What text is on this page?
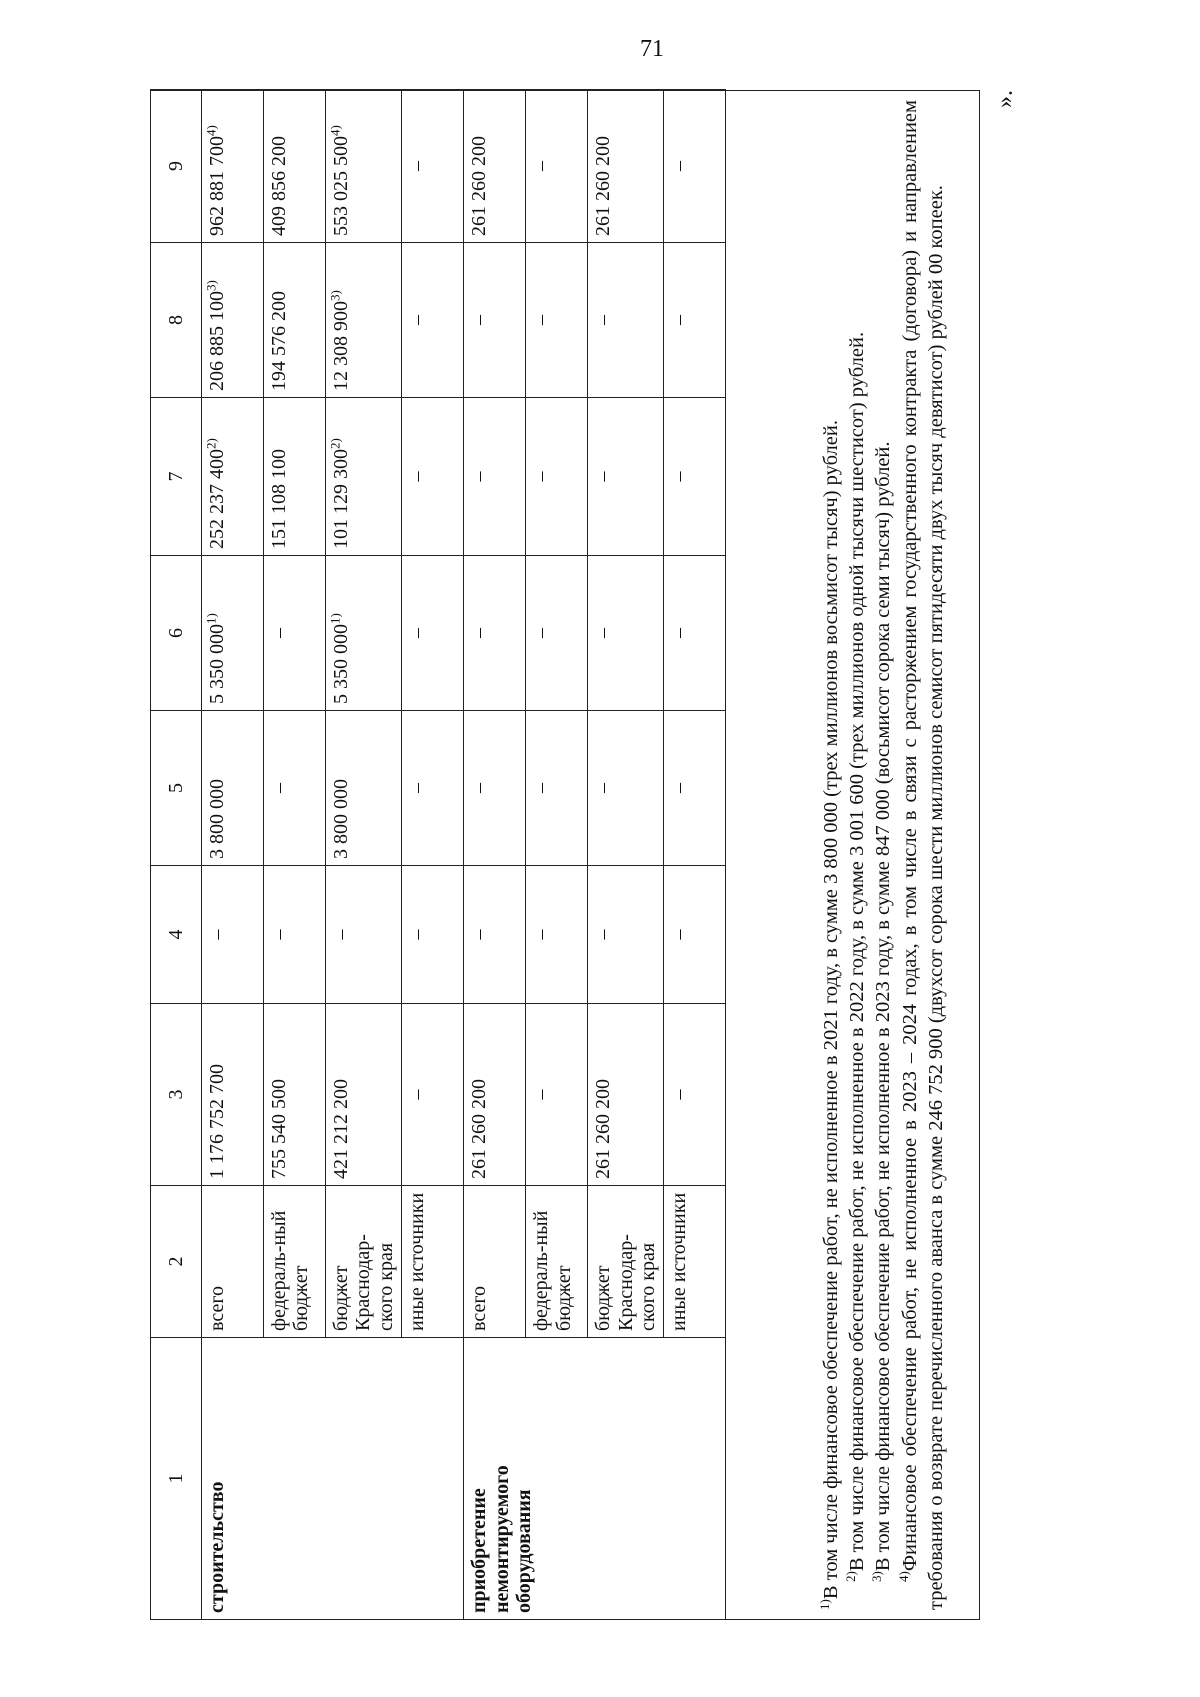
71
».
1	2	3	4	5	6	7	8	9
строительство	всего	1 176 752 700	–	3 800 000	5 350 000$^{1)}$	252 237 400$^{2)}$	206 885 100$^{3)}$	962 881 700$^{4)}$
	федераль-ный бюджет	755 540 500	–	–	–	151 108 100	194 576 200	409 856 200
	бюджет Краснодар-ского края	421 212 200	–	3 800 000	5 350 000$^{1)}$	101 129 300$^{2)}$	12 308 900$^{3)}$	553 025 500$^{4)}$
	иные источники	–	–	–	–	–	–	–
приобретение немонтируемого оборудования	всего	261 260 200	–	–	–	–	–	261 260 200
	федераль-ный бюджет	–	–	–	–	–	–	–
	бюджет Краснодар-ского края	261 260 200	–	–	–	–	–	261 260 200
	иные источники	–	–	–	–	–	–	–

$^{1)}$В том числе финансовое обеспечение работ, не исполненное в 2021 году, в сумме 3 800 000 (трех миллионов восьмисот тысяч) рублей. $^{2)}$В том числе финансовое обеспечение работ, не исполненное в 2022 году, в сумме 3 001 600 (трех миллионов одной тысячи шестисот) рублей.

$^{3)}$В том числе финансовое обеспечение работ, не исполненное в 2023 году, в сумме 847 000 (восьмисот сорока семи тысяч) рублей.

$^{4)}$Финансовое обеспечение работ, не исполненное в 2023 – 2024 годах, в том числе в связи с расторжением государственного контракта (договора) и направлением требования о возврате перечисленного аванса в сумме 246 752 900 (двухсот сорока шести миллионов семисот пятидесяти двух тысяч девятисот) рублей 00 копеек.
